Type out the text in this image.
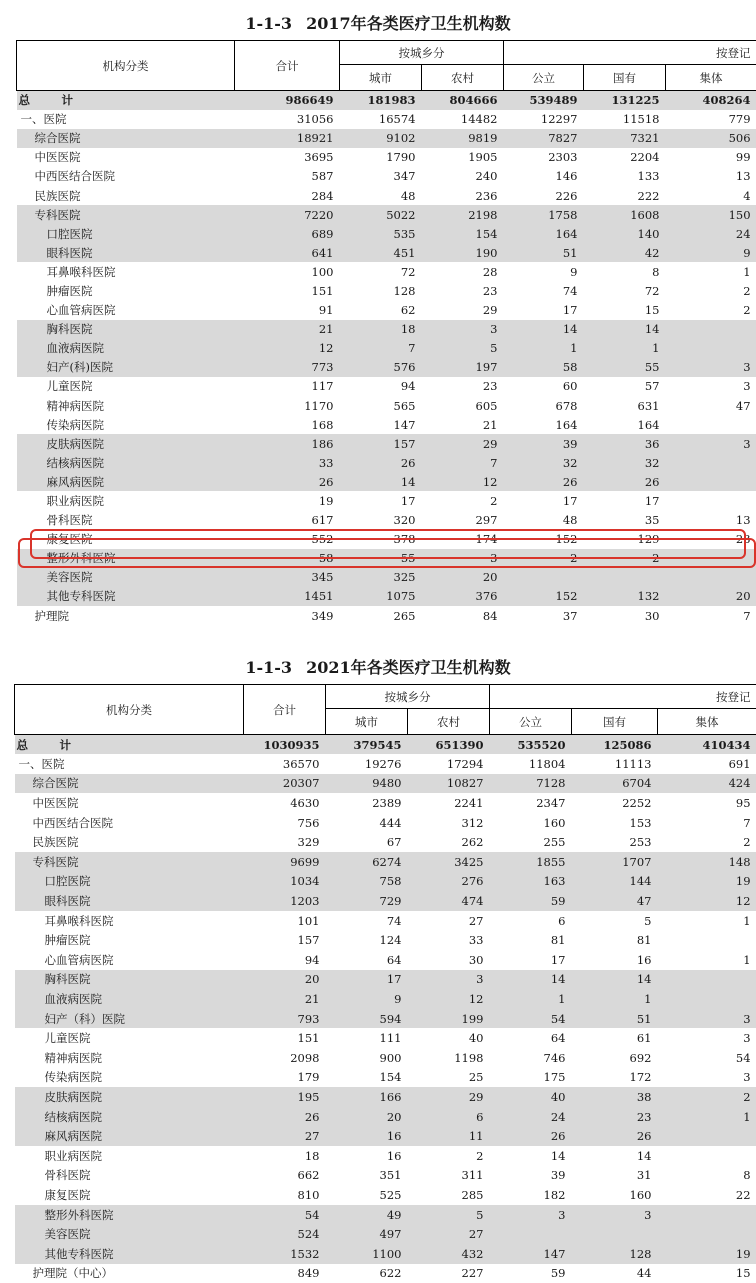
1-1-3 2017年各类医疗卫生机构数
机构分类	合计	按城乡分		按登记		
		城市	农村	公立	国有	集体
总　计	986649	181983	804666	539489	131225	408264
一、医院	31056	16574	14482	12297	11518	779
综合医院	18921	9102	9819	7827	7321	506
中医医院	3695	1790	1905	2303	2204	99
中西医结合医院	587	347	240	146	133	13
民族医院	284	48	236	226	222	4
专科医院	7220	5022	2198	1758	1608	150
口腔医院	689	535	154	164	140	24
眼科医院	641	451	190	51	42	9
耳鼻喉科医院	100	72	28	9	8	1
肿瘤医院	151	128	23	74	72	2
心血管病医院	91	62	29	17	15	2
胸科医院	21	18	3	14	14	
血液病医院	12	7	5	1	1	
妇产(科)医院	773	576	197	58	55	3
儿童医院	117	94	23	60	57	3
精神病医院	1170	565	605	678	631	47
传染病医院	168	147	21	164	164	
皮肤病医院	186	157	29	39	36	3
结核病医院	33	26	7	32	32	
麻风病医院	26	14	12	26	26	
职业病医院	19	17	2	17	17	
骨科医院	617	320	297	48	35	13
康复医院	552	378	174	152	129	23
整形外科医院	58	55	3	2	2	
美容医院	345	325	20			
其他专科医院	1451	1075	376	152	132	20
护理院	349	265	84	37	30	7
1-1-3 2021年各类医疗卫生机构数
机构分类	合计	按城乡分		按登记		
		城市	农村	公立	国有	集体
总　计	1030935	379545	651390	535520	125086	410434
一、医院	36570	19276	17294	11804	11113	691
综合医院	20307	9480	10827	7128	6704	424
中医医院	4630	2389	2241	2347	2252	95
中西医结合医院	756	444	312	160	153	7
民族医院	329	67	262	255	253	2
专科医院	9699	6274	3425	1855	1707	148
口腔医院	1034	758	276	163	144	19
眼科医院	1203	729	474	59	47	12
耳鼻喉科医院	101	74	27	6	5	1
肿瘤医院	157	124	33	81	81	
心血管病医院	94	64	30	17	16	1
胸科医院	20	17	3	14	14	
血液病医院	21	9	12	1	1	
妇产（科）医院	793	594	199	54	51	3
儿童医院	151	111	40	64	61	3
精神病医院	2098	900	1198	746	692	54
传染病医院	179	154	25	175	172	3
皮肤病医院	195	166	29	40	38	2
结核病医院	26	20	6	24	23	1
麻风病医院	27	16	11	26	26	
职业病医院	18	16	2	14	14	
骨科医院	662	351	311	39	31	8
康复医院	810	525	285	182	160	22
整形外科医院	54	49	5	3	3	
美容医院	524	497	27			
其他专科医院	1532	1100	432	147	128	19
护理院（中心）	849	622	227	59	44	15
